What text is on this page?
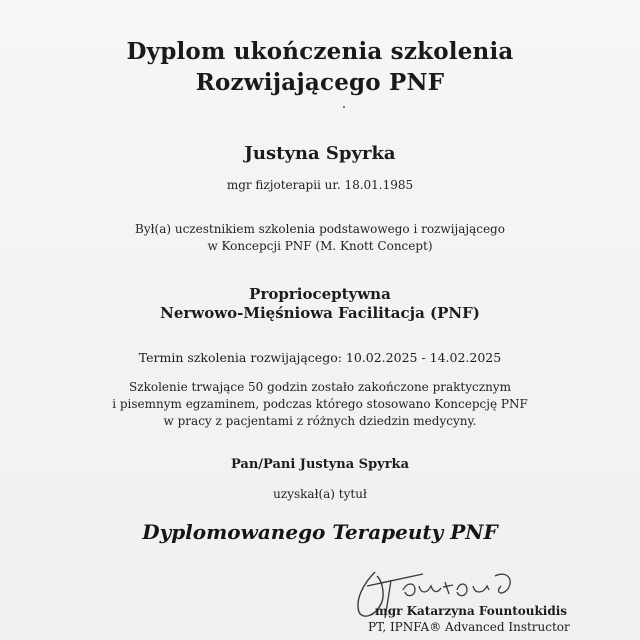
Dyplom ukończenia szkolenia
Rozwijającego PNF
Justyna Spyrka
mgr fizjoterapii ur. 18.01.1985
Był(a) uczestnikiem szkolenia podstawowego i rozwijającego
w Koncepcji PNF (M. Knott Concept)
Proprioceptywna
Nerwowo-Mięśniowa Facilitacja (PNF)
Termin szkolenia rozwijającego: 10.02.2025 - 14.02.2025
Szkolenie trwające 50 godzin zostało zakończone praktycznym
i pisemnym egzaminem, podczas którego stosowano Koncepcję PNF
w pracy z pacjentami z różnych dziedzin medycyny.
Pan/Pani Justyna Spyrka
uzyskał(a) tytuł
Dyplomowanego Terapeuty PNF
mgr Katarzyna Fountoukidis
PT, IPNFA® Advanced Instructor
